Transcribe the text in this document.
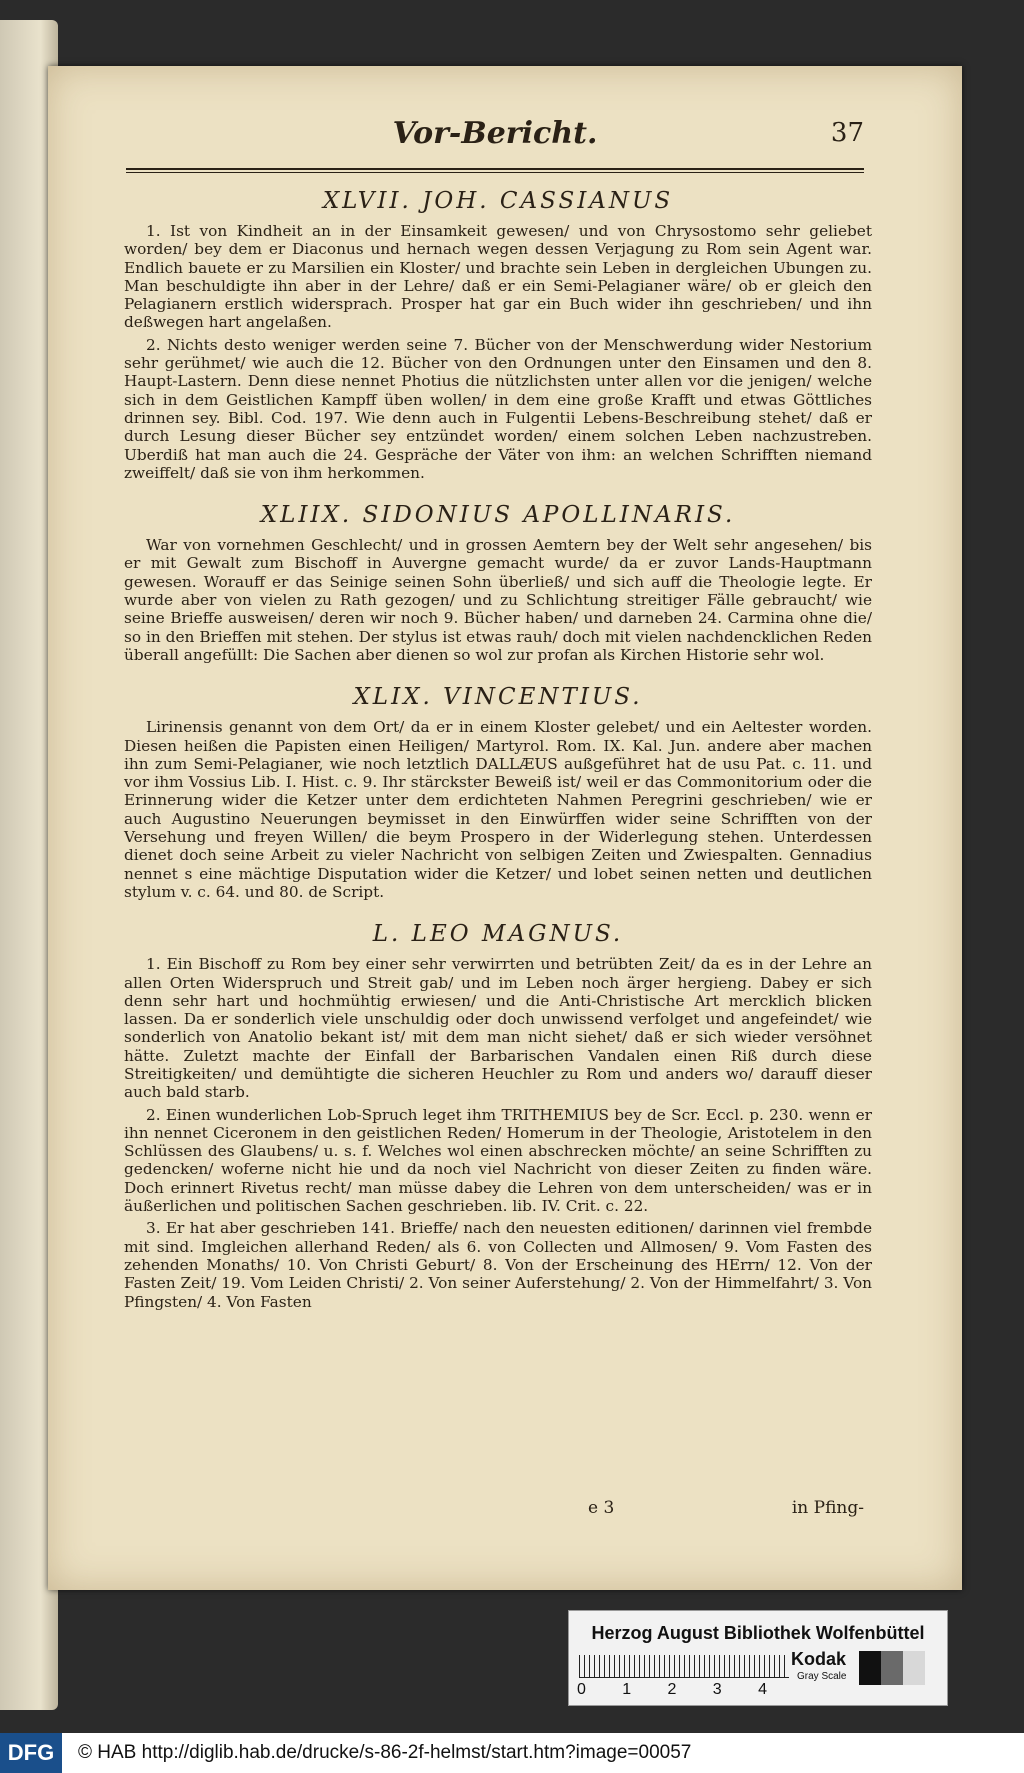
Vor-Bericht.	37
XLVII. JOH. CASSIANUS

1. Ist von Kindheit an in der Einsamkeit gewesen/ und von Chrysostomo sehr geliebet worden/ bey dem er Diaconus und hernach wegen dessen Verjagung zu Rom sein Agent war. Endlich bauete er zu Marsilien ein Kloster/ und brachte sein Leben in dergleichen Ubungen zu. Man beschuldigte ihn aber in der Lehre/ daß er ein Semi-Pelagianer wäre/ ob er gleich den Pelagianern erstlich widersprach. Prosper hat gar ein Buch wider ihn geschrieben/ und ihn deßwegen hart angelaßen.

2. Nichts desto weniger werden seine 7. Bücher von der Menschwerdung wider Nestorium sehr gerühmet/ wie auch die 12. Bücher von den Ordnungen unter den Einsamen und den 8. Haupt-Lastern. Denn diese nennet Photius die nützlichsten unter allen vor die jenigen/ welche sich in dem Geistlichen Kampff üben wollen/ in dem eine große Krafft und etwas Göttliches drinnen sey. Bibl. Cod. 197. Wie denn auch in Fulgentii Lebens-Beschreibung stehet/ daß er durch Lesung dieser Bücher sey entzündet worden/ einem solchen Leben nachzustreben. Uberdiß hat man auch die 24. Gespräche der Väter von ihm: an welchen Schrifften niemand zweiffelt/ daß sie von ihm herkommen.

XLIIX. SIDONIUS APOLLINARIS.

War von vornehmen Geschlecht/ und in grossen Aemtern bey der Welt sehr angesehen/ bis er mit Gewalt zum Bischoff in Auvergne gemacht wurde/ da er zuvor Lands-Hauptmann gewesen. Worauff er das Seinige seinen Sohn überließ/ und sich auff die Theologie legte. Er wurde aber von vielen zu Rath gezogen/ und zu Schlichtung streitiger Fälle gebraucht/ wie seine Brieffe ausweisen/ deren wir noch 9. Bücher haben/ und darneben 24. Carmina ohne die/ so in den Brieffen mit stehen. Der stylus ist etwas rauh/ doch mit vielen nachdencklichen Reden überall angefüllt: Die Sachen aber dienen so wol zur profan als Kirchen Historie sehr wol.

XLIX. VINCENTIUS.

Lirinensis genannt von dem Ort/ da er in einem Kloster gelebet/ und ein Aeltester worden. Diesen heißen die Papisten einen Heiligen/ Martyrol. Rom. IX. Kal. Jun. andere aber machen ihn zum Semi-Pelagianer, wie noch letztlich DALLÆUS außgeführet hat de usu Pat. c. 11. und vor ihm Vossius Lib. I. Hist. c. 9. Ihr stärckster Beweiß ist/ weil er das Commonitorium oder die Erinnerung wider die Ketzer unter dem erdichteten Nahmen Peregrini geschrieben/ wie er auch Augustino Neuerungen beymisset in den Einwürffen wider seine Schrifften von der Versehung und freyen Willen/ die beym Prospero in der Widerlegung stehen. Unterdessen dienet doch seine Arbeit zu vieler Nachricht von selbigen Zeiten und Zwiespalten. Gennadius nennet s eine mächtige Disputation wider die Ketzer/ und lobet seinen netten und deutlichen stylum v. c. 64. und 80. de Script.

L. LEO MAGNUS.

1. Ein Bischoff zu Rom bey einer sehr verwirrten und betrübten Zeit/ da es in der Lehre an allen Orten Widerspruch und Streit gab/ und im Leben noch ärger hergieng. Dabey er sich denn sehr hart und hochmühtig erwiesen/ und die Anti-Christische Art mercklich blicken lassen. Da er sonderlich viele unschuldig oder doch unwissend verfolget und angefeindet/ wie sonderlich von Anatolio bekant ist/ mit dem man nicht siehet/ daß er sich wieder versöhnet hätte. Zuletzt machte der Einfall der Barbarischen Vandalen einen Riß durch diese Streitigkeiten/ und demühtigte die sicheren Heuchler zu Rom und anders wo/ darauff dieser auch bald starb.

2. Einen wunderlichen Lob-Spruch leget ihm TRITHEMIUS bey de Scr. Eccl. p. 230. wenn er ihn nennet Ciceronem in den geistlichen Reden/ Homerum in der Theologie, Aristotelem in den Schlüssen des Glaubens/ u. s. f. Welches wol einen abschrecken möchte/ an seine Schrifften zu gedencken/ woferne nicht hie und da noch viel Nachricht von dieser Zeiten zu finden wäre. Doch erinnert Rivetus recht/ man müsse dabey die Lehren von dem unterscheiden/ was er in äußerlichen und politischen Sachen geschrieben. lib. IV. Crit. c. 22.

3. Er hat aber geschrieben 141. Brieffe/ nach den neuesten editionen/ darinnen viel frembde mit sind. Imgleichen allerhand Reden/ als 6. von Collecten und Allmosen/ 9. Vom Fasten des zehenden Monaths/ 10. Von Christi Geburt/ 8. Von der Erscheinung des HErrn/ 12. Von der Fasten Zeit/ 19. Vom Leiden Christi/ 2. Von seiner Auferstehung/ 2. Von der Himmelfahrt/ 3. Von Pfingsten/ 4. Von Fasten

e 3	in Pfing-
Herzog August Bibliothek Wolfenbüttel
0 1 2 3 4
Kodak
Gray Scale
DFG	© HAB http://diglib.hab.de/drucke/s-86-2f-helmst/start.htm?image=00057
